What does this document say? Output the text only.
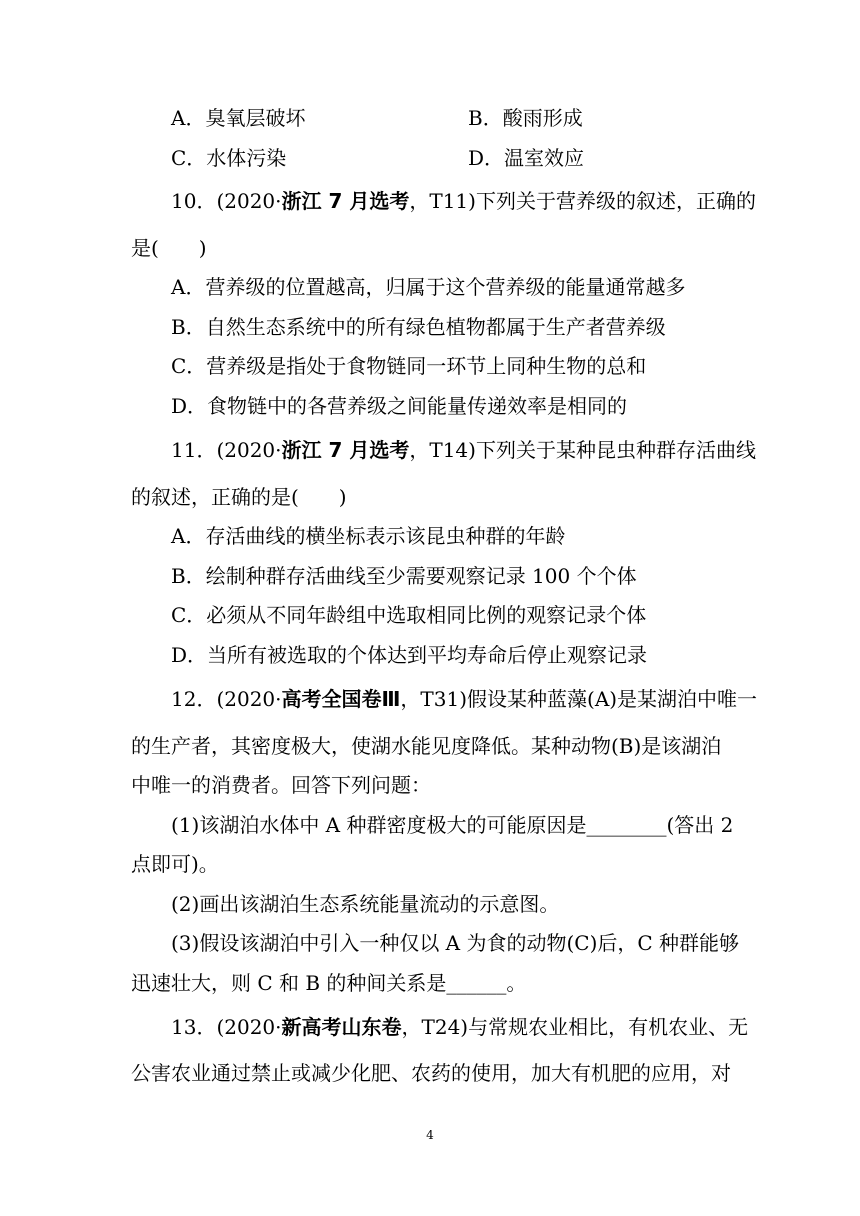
A．臭氧层破坏	B．酸雨形成
C．水体污染	D．温室效应
10．(2020·浙江 7 月选考，T11)下列关于营养级的叙述，正确的
是(　　)
A．营养级的位置越高，归属于这个营养级的能量通常越多
B．自然生态系统中的所有绿色植物都属于生产者营养级
C．营养级是指处于食物链同一环节上同种生物的总和
D．食物链中的各营养级之间能量传递效率是相同的
11．(2020·浙江 7 月选考，T14)下列关于某种昆虫种群存活曲线
的叙述，正确的是(　　)
A．存活曲线的横坐标表示该昆虫种群的年龄
B．绘制种群存活曲线至少需要观察记录 100 个个体
C．必须从不同年龄组中选取相同比例的观察记录个体
D．当所有被选取的个体达到平均寿命后停止观察记录
12．(2020·高考全国卷Ⅲ，T31)假设某种蓝藻(A)是某湖泊中唯一
的生产者，其密度极大，使湖水能见度降低。某种动物(B)是该湖泊
中唯一的消费者。回答下列问题：
(1)该湖泊水体中 A 种群密度极大的可能原因是________(答出 2
点即可)。
(2)画出该湖泊生态系统能量流动的示意图。
(3)假设该湖泊中引入一种仅以 A 为食的动物(C)后，C 种群能够
迅速壮大，则 C 和 B 的种间关系是______。
13．(2020·新高考山东卷，T24)与常规农业相比，有机农业、无
公害农业通过禁止或减少化肥、农药的使用，加大有机肥的应用，对
4
